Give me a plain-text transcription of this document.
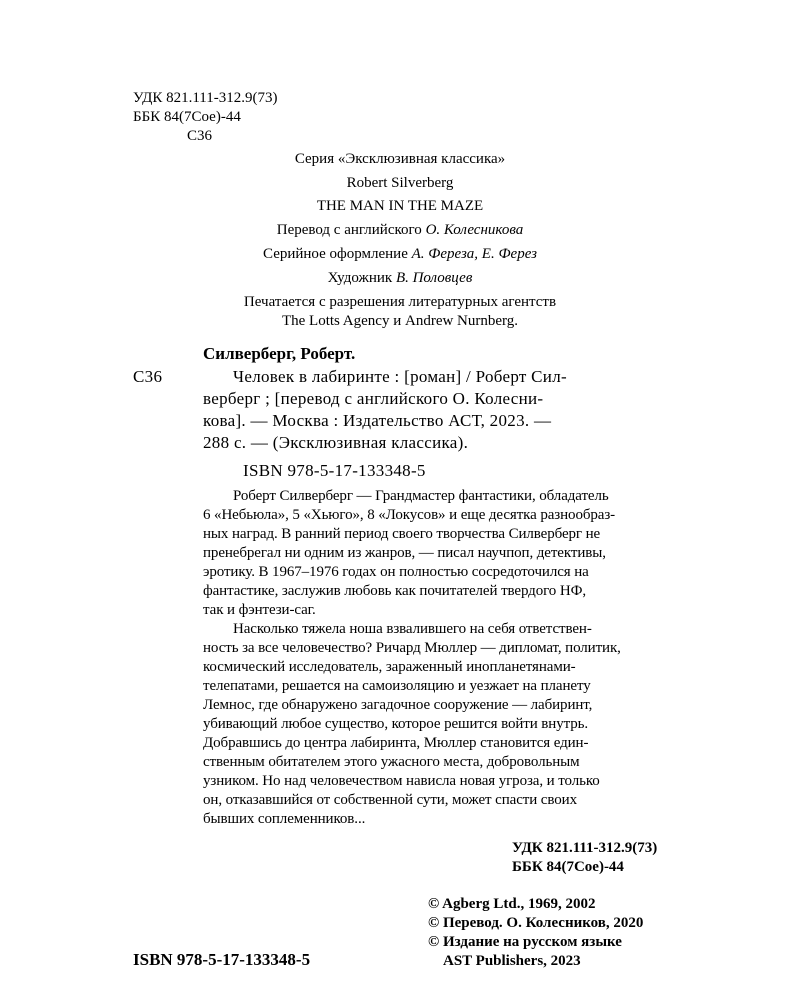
УДК 821.111-312.9(73)
ББК 84(7Сое)-44
С36
Серия «Эксклюзивная классика»
Robert Silverberg
THE MAN IN THE MAZE
Перевод с английского О. Колесникова
Серийное оформление А. Фереза, Е. Ферез
Художник В. Половцев
Печатается с разрешения литературных агентств
The Lotts Agency и Andrew Nurnberg.
Силверберг, Роберт.
С36	Человек в лабиринте : [роман] / Роберт Сил-
верберг ; [перевод с английского О. Колесни-
кова]. — Москва : Издательство АСТ, 2023. —
288 с. — (Эксклюзивная классика).
ISBN 978-5-17-133348-5
Роберт Силверберг — Грандмастер фантастики, обладатель
6 «Небьюла», 5 «Хьюго», 8 «Локусов» и еще десятка разнообраз-
ных наград. В ранний период своего творчества Силверберг не
пренебрегал ни одним из жанров, — писал научпоп, детективы,
эротику. В 1967–1976 годах он полностью сосредоточился на
фантастике, заслужив любовь как почитателей твердого НФ,
так и фэнтези-саг.
Насколько тяжела ноша взвалившего на себя ответствен-
ность за все человечество? Ричард Мюллер — дипломат, политик,
космический исследователь, зараженный инопланетянами-
телепатами, решается на самоизоляцию и уезжает на планету
Лемнос, где обнаружено загадочное сооружение — лабиринт,
убивающий любое существо, которое решится войти внутрь.
Добравшись до центра лабиринта, Мюллер становится един-
ственным обитателем этого ужасного места, добровольным
узником. Но над человечеством нависла новая угроза, и только
он, отказавшийся от собственной сути, может спасти своих
бывших соплеменников...
УДК 821.111-312.9(73)
ББК 84(7Сое)-44
© Agberg Ltd., 1969, 2002
© Перевод. О. Колесников, 2020
© Издание на русском языке
AST Publishers, 2023
ISBN 978-5-17-133348-5
